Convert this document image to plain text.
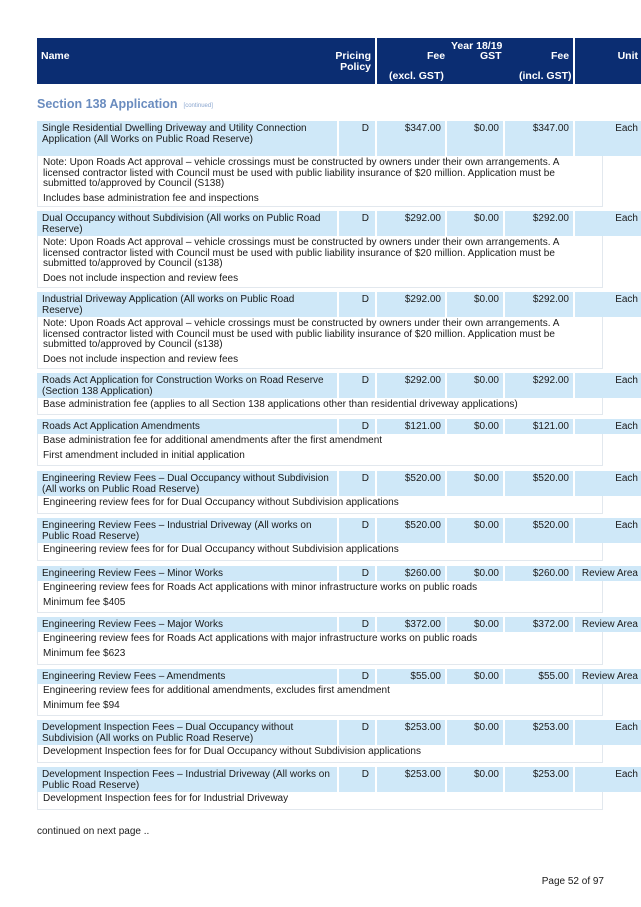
Name	Pricing
Policy
Year 18/19
Fee
(excl. GST)
GST	Fee
(incl. GST)
Unit
Section 138 Application [continued]
Single Residential Dwelling Driveway and Utility Connection Application (All Works on Public Road Reserve)
D	$347.00	$0.00	$347.00	Each

Note: Upon Roads Act approval – vehicle crossings must be constructed by owners under their own arrangements. A licensed contractor listed with Council must be used with public liability insurance of $20 million. Application must be submitted to/approved by Council (S138)

Includes base administration fee and inspections

Dual Occupancy without Subdivision (All works on Public Road Reserve)
D	$292.00	$0.00	$292.00	Each

Note: Upon Roads Act approval – vehicle crossings must be constructed by owners under their own arrangements. A licensed contractor listed with Council must be used with public liability insurance of $20 million. Application must be submitted to/approved by Council (s138)

Does not include inspection and review fees

Industrial Driveway Application (All works on Public Road Reserve)
D	$292.00	$0.00	$292.00	Each

Note: Upon Roads Act approval – vehicle crossings must be constructed by owners under their own arrangements. A licensed contractor listed with Council must be used with public liability insurance of $20 million. Application must be submitted to/approved by Council (s138)

Does not include inspection and review fees

Roads Act Application for Construction Works on Road Reserve (Section 138 Application)
D	$292.00	$0.00	$292.00	Each

Base administration fee (applies to all Section 138 applications other than residential driveway applications)

Roads Act Application Amendments	D	$121.00	$0.00	$121.00	Each

Base administration fee for additional amendments after the first amendment

First amendment included in initial application

Engineering Review Fees – Dual Occupancy without Subdivision (All works on Public Road Reserve)
D	$520.00	$0.00	$520.00	Each

Engineering review fees for for Dual Occupancy without Subdivision applications

Engineering Review Fees – Industrial Driveway (All works on Public Road Reserve)
D	$520.00	$0.00	$520.00	Each

Engineering review fees for for Dual Occupancy without Subdivision applications

Engineering Review Fees – Minor Works	D	$260.00	$0.00	$260.00 Review Area

Engineering review fees for Roads Act applications with minor infrastructure works on public roads

Minimum fee $405

Engineering Review Fees – Major Works	D	$372.00	$0.00	$372.00 Review Area

Engineering review fees for Roads Act applications with major infrastructure works on public roads

Minimum fee $623

Engineering Review Fees – Amendments	D	$55.00	$0.00	$55.00 Review Area

Engineering review fees for additional amendments, excludes first amendment

Minimum fee $94

Development Inspection Fees – Dual Occupancy without Subdivision (All works on Public Road Reserve)
D	$253.00	$0.00	$253.00	Each

Development Inspection fees for for Dual Occupancy without Subdivision applications

Development Inspection Fees – Industrial Driveway (All works on Public Road Reserve)
D	$253.00	$0.00	$253.00	Each

Development Inspection fees for for Industrial Driveway

continued on next page ..
Page 52 of 97
